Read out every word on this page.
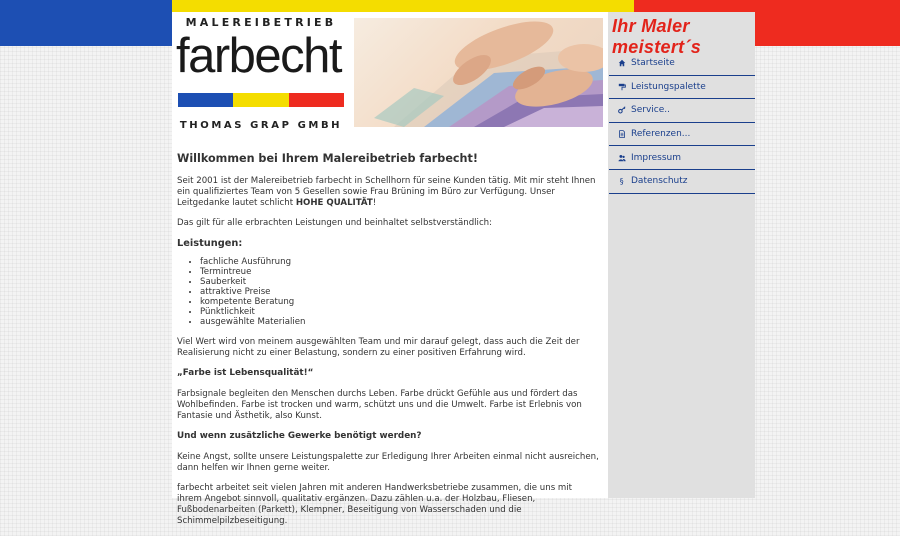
MALEREIBETRIEB
farbecht
THOMAS GRAP GMBH
Ihr Maler meistert´s
Startseite
Leistungspalette
Service..
Referenzen...
Impressum
§ Datenschutz
Willkommen bei Ihrem Malereibetrieb farbecht!

Seit 2001 ist der Malereibetrieb farbecht in Schellhorn für seine Kunden tätig. Mit mir steht Ihnen ein qualifiziertes Team von 5 Gesellen sowie Frau Brüning im Büro zur Verfügung. Unser Leitgedanke lautet schlicht HOHE QUALITÄT!

Das gilt für alle erbrachten Leistungen und beinhaltet selbstverständlich:

Leistungen:
• fachliche Ausführung
• Termintreue
• Sauberkeit
• attraktive Preise
• kompetente Beratung
• Pünktlichkeit
• ausgewählte Materialien

Viel Wert wird von meinem ausgewählten Team und mir darauf gelegt, dass auch die Zeit der Realisierung nicht zu einer Belastung, sondern zu einer positiven Erfahrung wird.

„Farbe ist Lebensqualität!“

Farbsignale begleiten den Menschen durchs Leben. Farbe drückt Gefühle aus und fördert das Wohlbefinden. Farbe ist trocken und warm, schützt uns und die Umwelt. Farbe ist Erlebnis von Fantasie und Ästhetik, also Kunst.

Und wenn zusätzliche Gewerke benötigt werden?

Keine Angst, sollte unsere Leistungspalette zur Erledigung Ihrer Arbeiten einmal nicht ausreichen, dann helfen wir Ihnen gerne weiter.

farbecht arbeitet seit vielen Jahren mit anderen Handwerksbetriebe zusammen, die uns mit ihrem Angebot sinnvoll, qualitativ ergänzen. Dazu zählen u.a. der Holzbau, Fliesen, Fußbodenarbeiten (Parkett), Klempner, Beseitigung von Wasserschaden und die Schimmelpilzbeseitigung.
